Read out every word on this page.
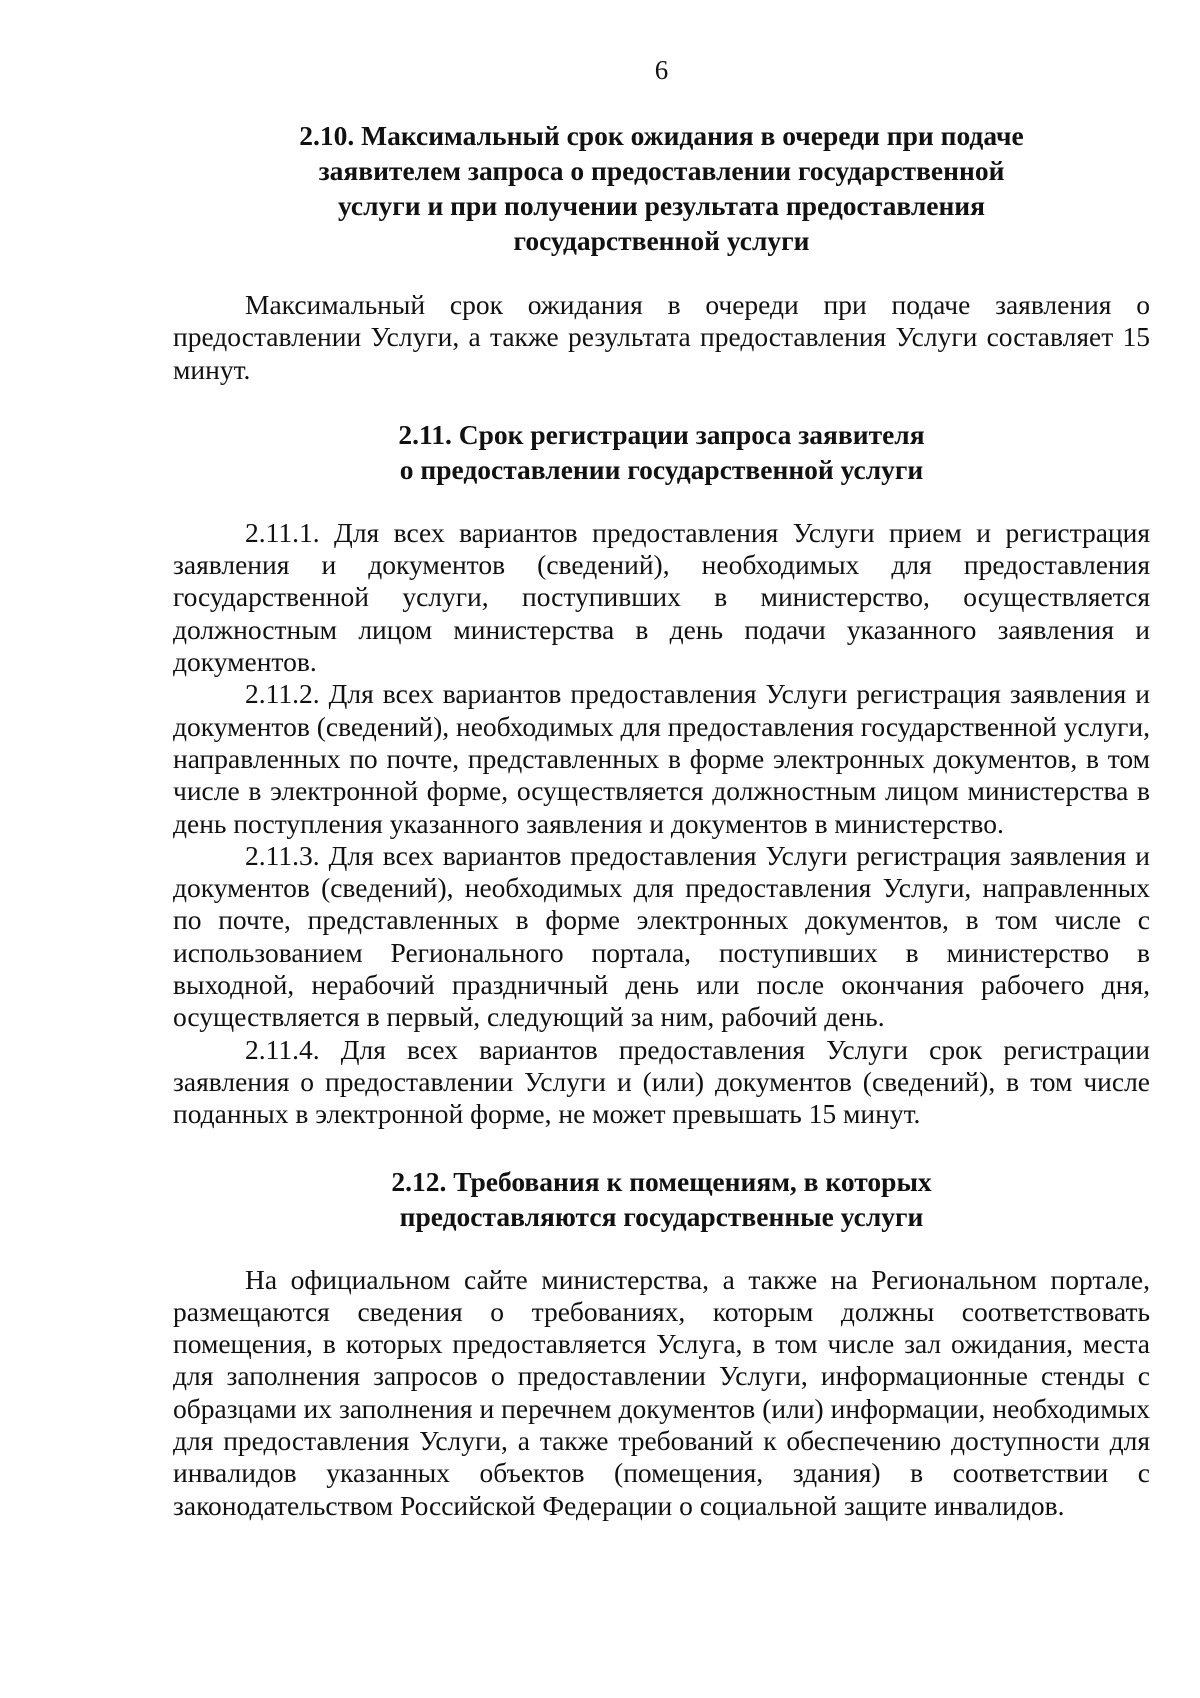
6
2.10. Максимальный срок ожидания в очереди при подаче
заявителем запроса о предоставлении государственной
услуги и при получении результата предоставления
государственной услуги

Максимальный срок ожидания в очереди при подаче заявления о предоставлении Услуги, а также результата предоставления Услуги составляет 15 минут.

2.11. Срок регистрации запроса заявителя
о предоставлении государственной услуги

2.11.1. Для всех вариантов предоставления Услуги прием и регистрация заявления и документов (сведений), необходимых для предоставления государственной услуги, поступивших в министерство, осуществляется должностным лицом министерства в день подачи указанного заявления и документов.

2.11.2. Для всех вариантов предоставления Услуги регистрация заявления и документов (сведений), необходимых для предоставления государственной услуги, направленных по почте, представленных в форме электронных документов, в том числе в электронной форме, осуществляется должностным лицом министерства в день поступления указанного заявления и документов в министерство.

2.11.3. Для всех вариантов предоставления Услуги регистрация заявления и документов (сведений), необходимых для предоставления Услуги, направленных по почте, представленных в форме электронных документов, в том числе с использованием Регионального портала, поступивших в министерство в выходной, нерабочий праздничный день или после окончания рабочего дня, осуществляется в первый, следующий за ним, рабочий день.

2.11.4. Для всех вариантов предоставления Услуги срок регистрации заявления о предоставлении Услуги и (или) документов (сведений), в том числе поданных в электронной форме, не может превышать 15 минут.

2.12. Требования к помещениям, в которых
предоставляются государственные услуги

На официальном сайте министерства, а также на Региональном портале, размещаются сведения о требованиях, которым должны соответствовать помещения, в которых предоставляется Услуга, в том числе зал ожидания, места для заполнения запросов о предоставлении Услуги, информационные стенды с образцами их заполнения и перечнем документов (или) информации, необходимых для предоставления Услуги, а также требований к обеспечению доступности для инвалидов указанных объектов (помещения, здания) в соответствии с законодательством Российской Федерации о социальной защите инвалидов.
